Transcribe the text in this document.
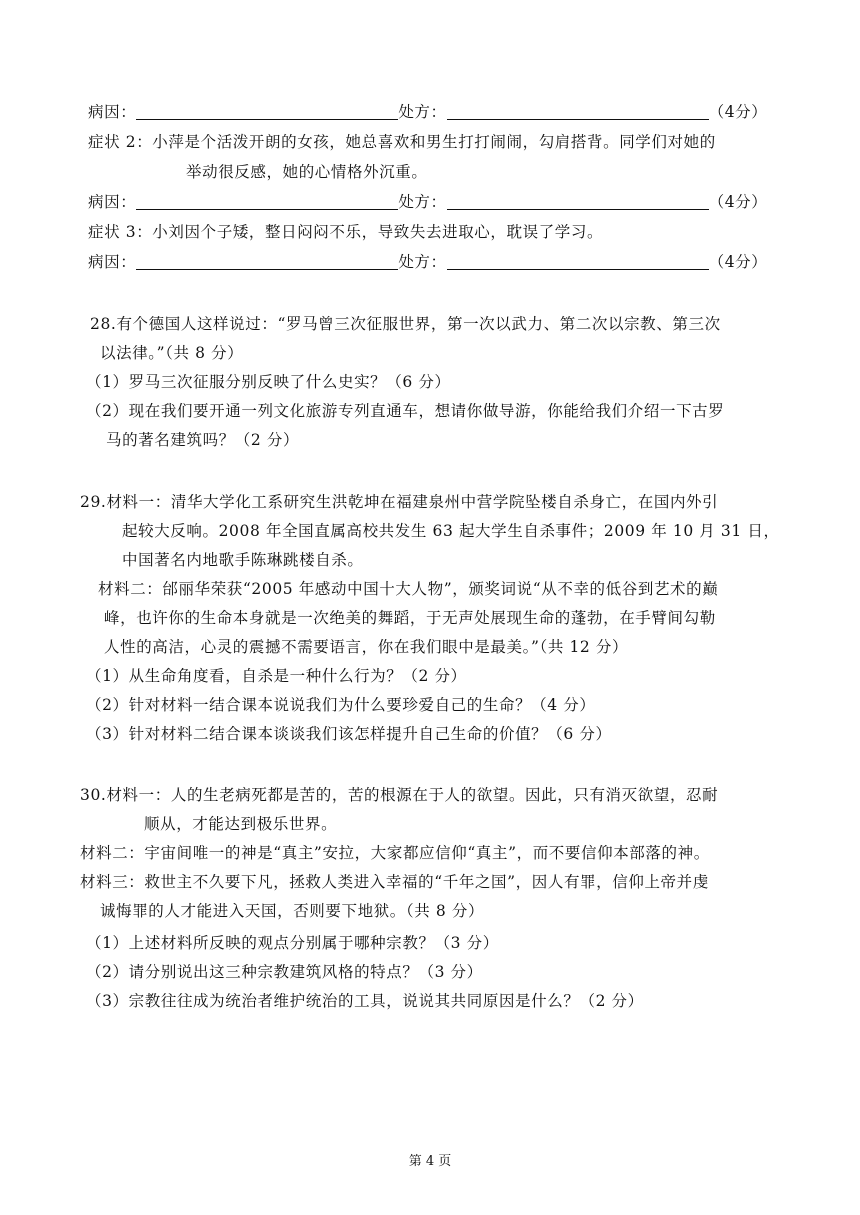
病因：	处方：	（4分）
症状 2：小萍是个活泼开朗的女孩，她总喜欢和男生打打闹闹，勾肩搭背。同学们对她的
举动很反感，她的心情格外沉重。
病因：	处方：	（4分）
症状 3：小刘因个子矮，整日闷闷不乐，导致失去进取心，耽误了学习。
病因：	处方：	（4分）
28.有个德国人这样说过：“罗马曾三次征服世界，第一次以武力、第二次以宗教、第三次
以法律。”（共 8 分）
（1）罗马三次征服分别反映了什么史实？（6 分）
（2）现在我们要开通一列文化旅游专列直通车，想请你做导游，你能给我们介绍一下古罗
马的著名建筑吗？（2 分）
29.材料一：清华大学化工系研究生洪乾坤在福建泉州中营学院坠楼自杀身亡，在国内外引
起较大反响。2008 年全国直属高校共发生 63 起大学生自杀事件；2009 年 10 月 31 日，
中国著名内地歌手陈琳跳楼自杀。
材料二：邰丽华荣获“2005 年感动中国十大人物”，颁奖词说“从不幸的低谷到艺术的巅
峰，也许你的生命本身就是一次绝美的舞蹈，于无声处展现生命的蓬勃，在手臂间勾勒
人性的高洁，心灵的震撼不需要语言，你在我们眼中是最美。”（共 12 分）
（1）从生命角度看，自杀是一种什么行为？（2 分）
（2）针对材料一结合课本说说我们为什么要珍爱自己的生命？（4 分）
（3）针对材料二结合课本谈谈我们该怎样提升自己生命的价值？（6 分）
30.材料一：人的生老病死都是苦的，苦的根源在于人的欲望。因此，只有消灭欲望，忍耐
顺从，才能达到极乐世界。
材料二：宇宙间唯一的神是“真主”安拉，大家都应信仰“真主”，而不要信仰本部落的神。
材料三：救世主不久要下凡，拯救人类进入幸福的“千年之国”，因人有罪，信仰上帝并虔
诚悔罪的人才能进入天国，否则要下地狱。（共 8 分）
（1）上述材料所反映的观点分别属于哪种宗教？（3 分）
（2）请分别说出这三种宗教建筑风格的特点？（3 分）
（3）宗教往往成为统治者维护统治的工具，说说其共同原因是什么？（2 分）
第 4 页
